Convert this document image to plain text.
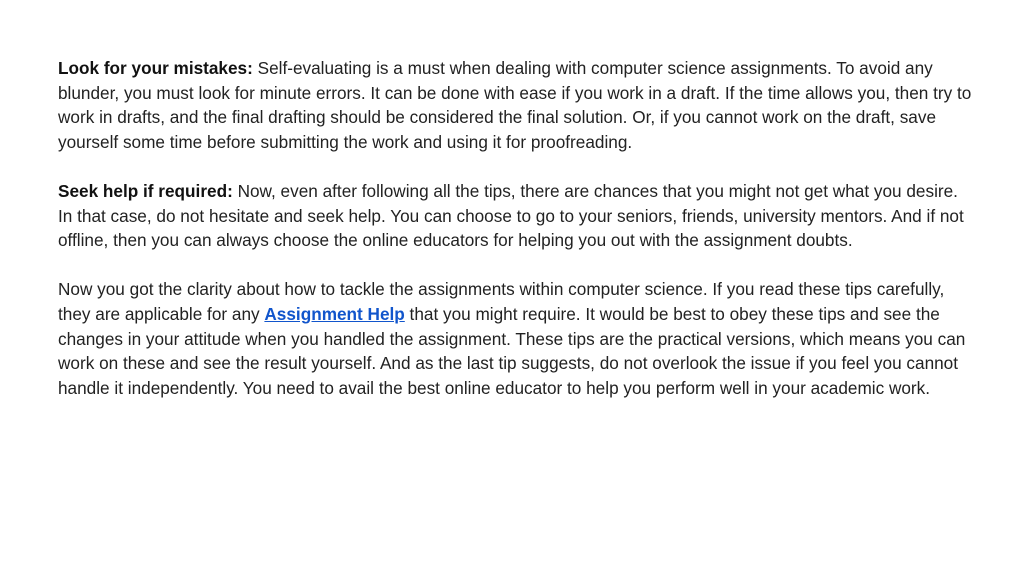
Look for your mistakes: Self-evaluating is a must when dealing with computer science assignments. To avoid any blunder, you must look for minute errors. It can be done with ease if you work in a draft. If the time allows you, then try to work in drafts, and the final drafting should be considered the final solution. Or, if you cannot work on the draft, save yourself some time before submitting the work and using it for proofreading.

Seek help if required: Now, even after following all the tips, there are chances that you might not get what you desire. In that case, do not hesitate and seek help. You can choose to go to your seniors, friends, university mentors. And if not offline, then you can always choose the online educators for helping you out with the assignment doubts.

Now you got the clarity about how to tackle the assignments within computer science. If you read these tips carefully, they are applicable for any Assignment Help that you might require. It would be best to obey these tips and see the changes in your attitude when you handled the assignment. These tips are the practical versions, which means you can work on these and see the result yourself. And as the last tip suggests, do not overlook the issue if you feel you cannot handle it independently. You need to avail the best online educator to help you perform well in your academic work.
